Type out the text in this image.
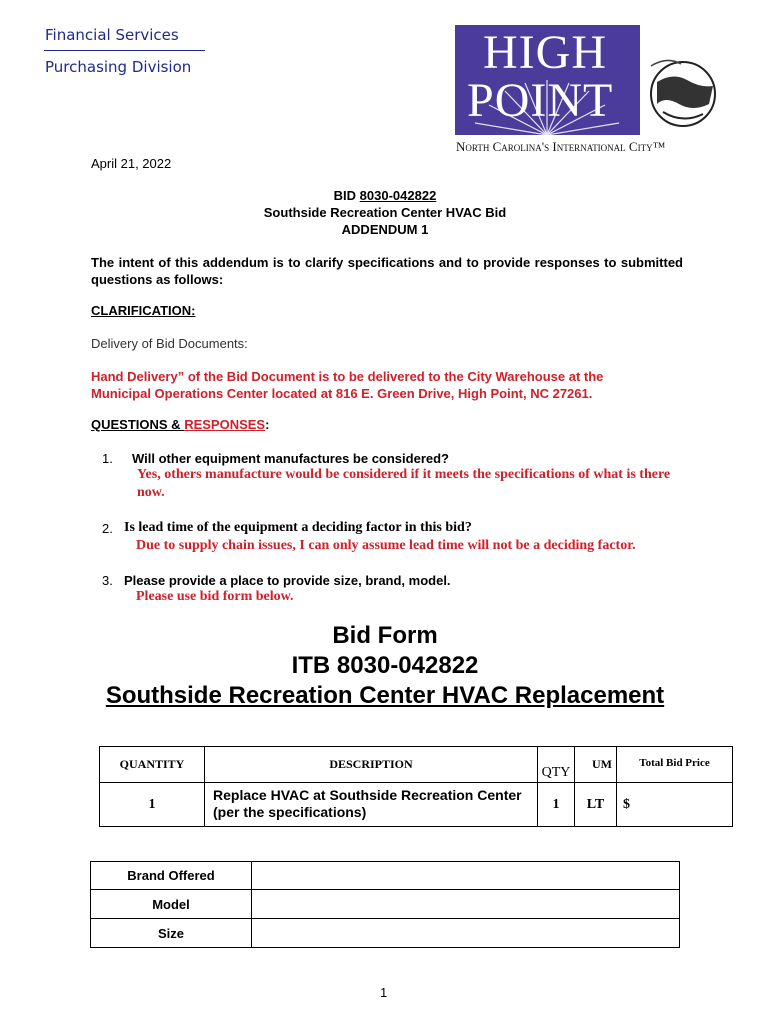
Financial Services
Purchasing Division	HIGH
POINT
North Carolina's International City™
April 21, 2022
BID 8030-042822
Southside Recreation Center HVAC Bid
ADDENDUM 1
The intent of this addendum is to clarify specifications and to provide responses to submitted questions as follows:
CLARIFICATION:
Delivery of Bid Documents:
Hand Delivery” of the Bid Document is to be delivered to the City Warehouse at the Municipal Operations Center located at 816 E. Green Drive, High Point, NC 27261.
QUESTIONS & RESPONSES:
1. Will other equipment manufactures be considered?
Yes, others manufacture would be considered if it meets the specifications of what is there now.
2. Is lead time of the equipment a deciding factor in this bid?
Due to supply chain issues, I can only assume lead time will not be a deciding factor.
3. Please provide a place to provide size, brand, model.
Please use bid form below.
Bid Form
ITB 8030-042822
Southside Recreation Center HVAC Replacement
QUANTITY	DESCRIPTION	QTY	UM	Total Bid Price
1	Replace HVAC at Southside Recreation Center (per the specifications)	1	LT	$
Brand Offered	
Model	
Size	
1
